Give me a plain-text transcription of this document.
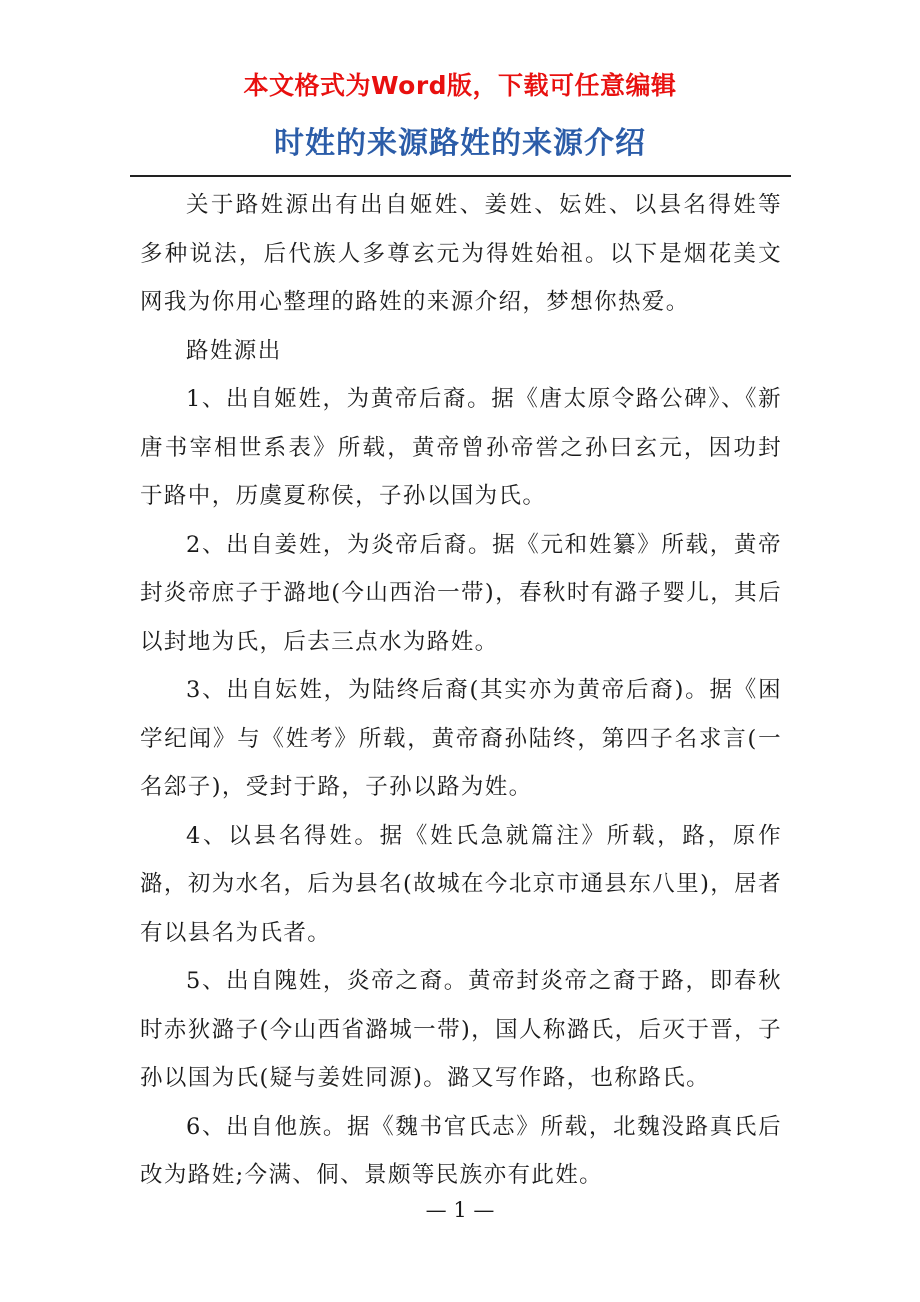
本文格式为Word版，下载可任意编辑
时姓的来源路姓的来源介绍

关于路姓源出有出自姬姓、姜姓、妘姓、以县名得姓等多种说法，后代族人多尊玄元为得姓始祖。以下是烟花美文网我为你用心整理的路姓的来源介绍，梦想你热爱。

路姓源出

1、出自姬姓，为黄帝后裔。据《唐太原令路公碑》、《新唐书宰相世系表》所载，黄帝曾孙帝喾之孙曰玄元，因功封于路中，历虞夏称侯，子孙以国为氏。

2、出自姜姓，为炎帝后裔。据《元和姓纂》所载，黄帝封炎帝庶子于潞地(今山西治一带)，春秋时有潞子婴儿，其后以封地为氏，后去三点水为路姓。

3、出自妘姓，为陆终后裔(其实亦为黄帝后裔)。据《困学纪闻》与《姓考》所载，黄帝裔孙陆终，第四子名求言(一名郐子)，受封于路，子孙以路为姓。

4、以县名得姓。据《姓氏急就篇注》所载，路，原作潞，初为水名，后为县名(故城在今北京市通县东八里)，居者有以县名为氏者。

5、出自隗姓，炎帝之裔。黄帝封炎帝之裔于路，即春秋时赤狄潞子(今山西省潞城一带)，国人称潞氏，后灭于晋，子孙以国为氏(疑与姜姓同源)。潞又写作路，也称路氏。

6、出自他族。据《魏书官氏志》所载，北魏没路真氏后改为路姓;今满、侗、景颇等民族亦有此姓。

— 1 —
